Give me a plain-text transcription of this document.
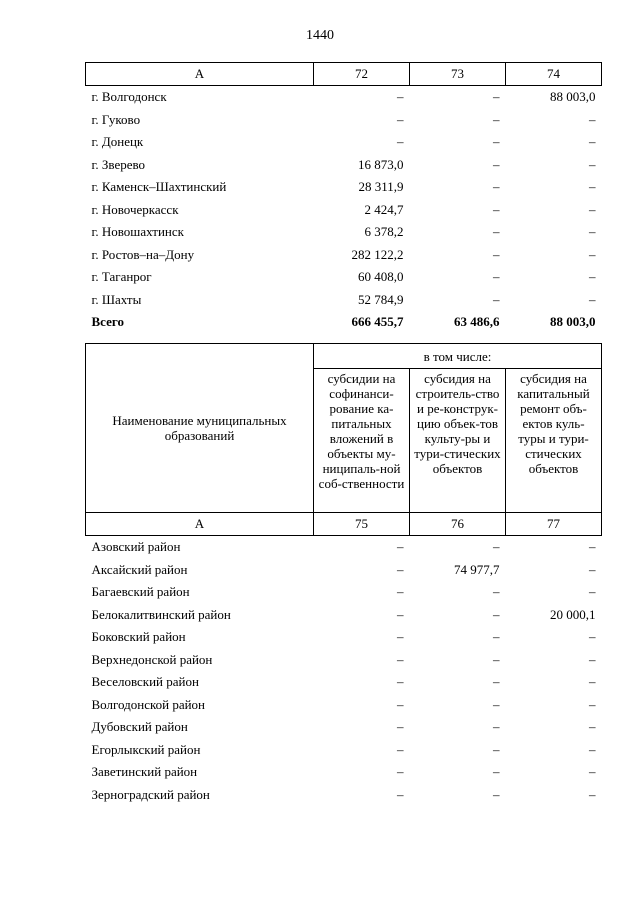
1440
А	72	73	74
г. Волгодонск	–	–	88 003,0
г. Гуково	–	–	–
г. Донецк	–	–	–
г. Зверево	16 873,0	–	–
г. Каменск–Шахтинский	28 311,9	–	–
г. Новочеркасск	2 424,7	–	–
г. Новошахтинск	6 378,2	–	–
г. Ростов–на–Дону	282 122,2	–	–
г. Таганрог	60 408,0	–	–
г. Шахты	52 784,9	–	–
Всего	666 455,7	63 486,6	88 003,0
Наименование муниципальных образований	в том числе:		
	субсидии на софинанси-рование ка-питальных вложений в объекты му-ниципаль-ной соб-ственности	субсидия на строитель-ство и ре-конструк-цию объек-тов культу-ры и тури-стических объектов	субсидия на капитальный ремонт объ-ектов куль-туры и тури-стических объектов
А	75	76	77
Азовский район	–	–	–
Аксайский район	–	74 977,7	–
Багаевский район	–	–	–
Белокалитвинский район	–	–	20 000,1
Боковский район	–	–	–
Верхнедонской район	–	–	–
Веселовский район	–	–	–
Волгодонской район	–	–	–
Дубовский район	–	–	–
Егорлыкский район	–	–	–
Заветинский район	–	–	–
Зерноградский район	–	–	–
